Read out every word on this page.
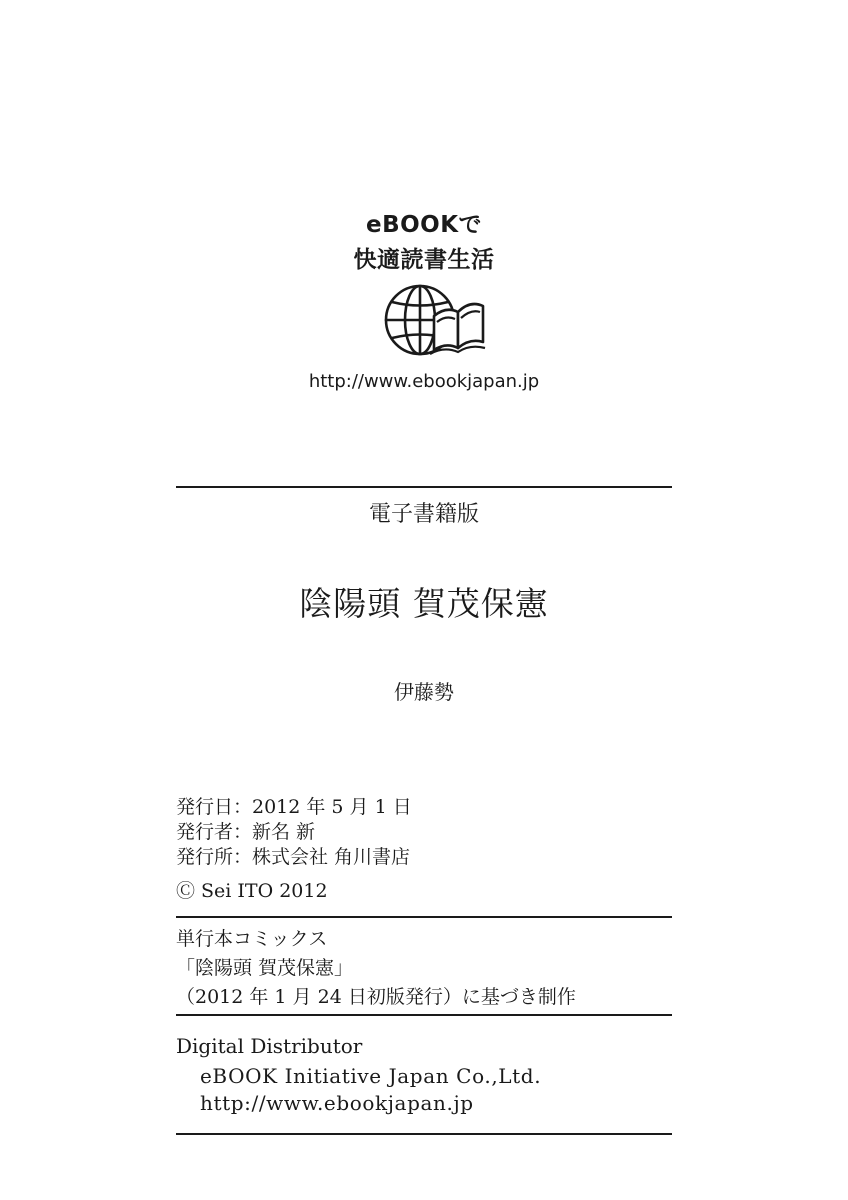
eBOOKで
快適読書生活
http://www.ebookjapan.jp
電子書籍版
陰陽頭 賀茂保憲
伊藤勢
発行日：2012 年 5 月 1 日
発行者：新名 新
発行所：株式会社 角川書店
Ⓒ Sei ITO 2012
単行本コミックス
「陰陽頭 賀茂保憲」
（2012 年 1 月 24 日初版発行）に基づき制作
Digital Distributor
eBOOK Initiative Japan Co.,Ltd.
http://www.ebookjapan.jp
